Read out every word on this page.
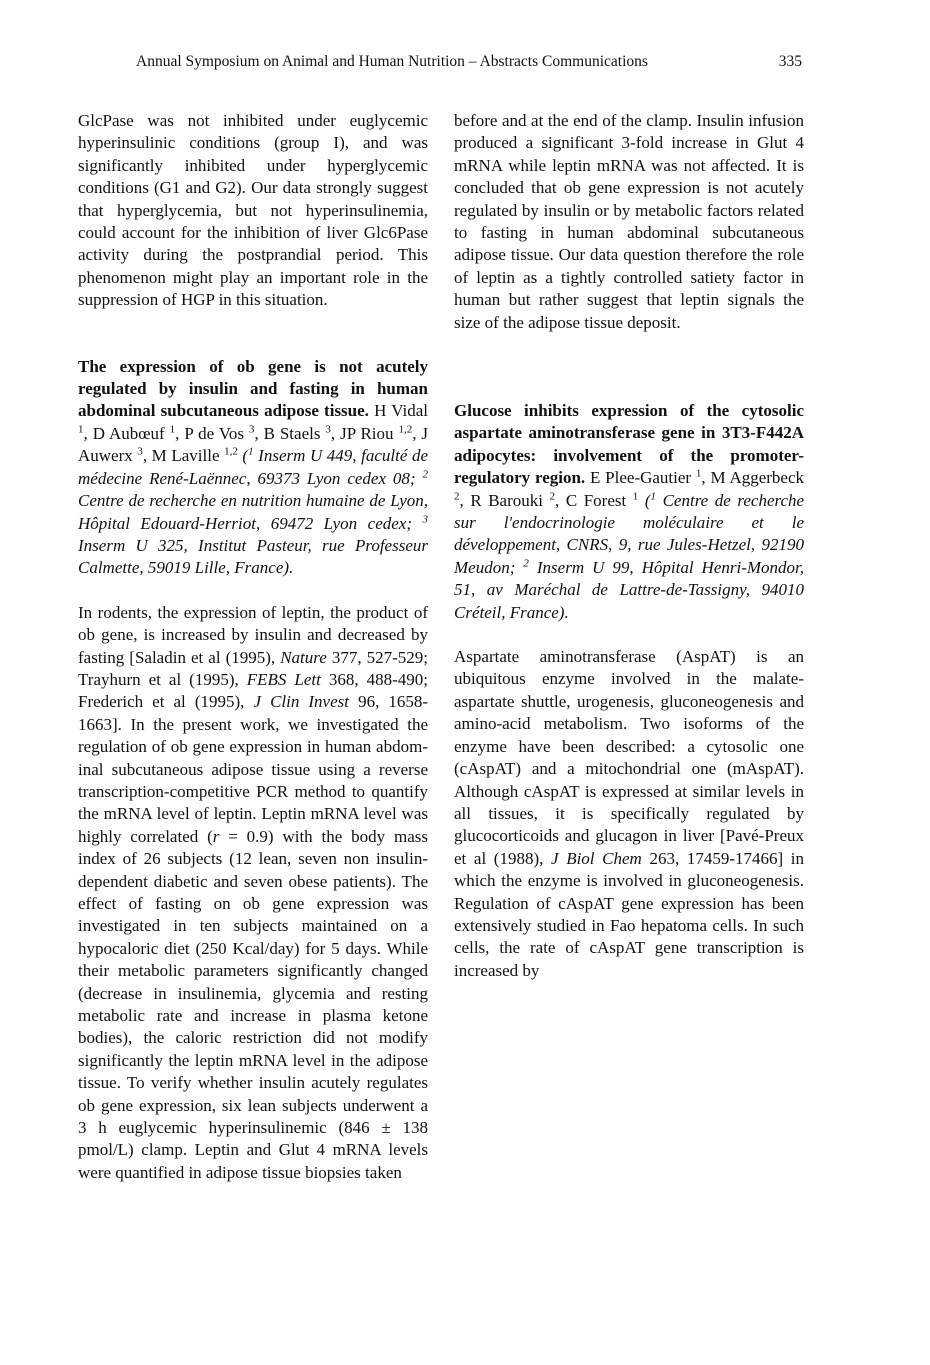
Annual Symposium on Animal and Human Nutrition – Abstracts Communications	335

GlcPase was not inhibited under euglycemic hyperinsulinic conditions (group I), and was significantly inhibited under hyperglycemic conditions (G1 and G2). Our data strongly suggest that hyperglycemia, but not hyperinsulinemia, could account for the inhibition of liver Glc6Pase activity during the postprandial period. This phenomenon might play an important role in the suppression of HGP in this situation.

The expression of ob gene is not acutely regulated by insulin and fasting in human abdominal subcutaneous adipose tissue. H Vidal $^1$, D Aubœuf $^1$, P de Vos $^3$, B Staels $^3$, JP Riou $^{1,2}$, J Auwerx $^3$, M Laville $^{1,2}$ ($^1$ Inserm U 449, faculté de médecine René-Laënnec, 69373 Lyon cedex 08; $^2$ Centre de recherche en nutrition humaine de Lyon, Hôpital Edouard-Herriot, 69472 Lyon cedex; $^3$ Inserm U 325, Institut Pasteur, rue Professeur Calmette, 59019 Lille, France).

In rodents, the expression of leptin, the product of ob gene, is increased by insulin and decreased by fasting [Saladin et al (1995), Nature 377, 527-529; Trayhurn et al (1995), FEBS Lett 368, 488-490; Frederich et al (1995), J Clin Invest 96, 1658-1663]. In the present work, we investigated the regulation of ob gene expression in human abdominal subcutaneous adipose tissue using a reverse transcription-competitive PCR method to quantify the mRNA level of leptin. Leptin mRNA level was highly correlated (r = 0.9) with the body mass index of 26 subjects (12 lean, seven non insulin-dependent diabetic and seven obese patients). The effect of fasting on ob gene expression was investigated in ten subjects maintained on a hypocaloric diet (250 Kcal/day) for 5 days. While their metabolic parameters significantly changed (decrease in insulinemia, glycemia and resting metabolic rate and increase in plasma ketone bodies), the caloric restriction did not modify significantly the leptin mRNA level in the adipose tissue. To verify whether insulin acutely regulates ob gene expression, six lean subjects underwent a 3 h euglycemic hyperinsulinemic (846 ± 138 pmol/L) clamp. Leptin and Glut 4 mRNA levels were quantified in adipose tissue biopsies taken

before and at the end of the clamp. Insulin infusion produced a significant 3-fold increase in Glut 4 mRNA while leptin mRNA was not affected. It is concluded that ob gene expression is not acutely regulated by insulin or by metabolic factors related to fasting in human abdominal subcutaneous adipose tissue. Our data question therefore the role of leptin as a tightly controlled satiety factor in human but rather suggest that leptin signals the size of the adipose tissue deposit.

Glucose inhibits expression of the cytosolic aspartate aminotransferase gene in 3T3-F442A adipocytes: involvement of the promoter-regulatory region. E Plee-Gautier $^1$, M Aggerbeck $^2$, R Barouki $^2$, C Forest $^1$ ($^1$ Centre de recherche sur l'endocrinologie moléculaire et le développement, CNRS, 9, rue Jules-Hetzel, 92190 Meudon; $^2$ Inserm U 99, Hôpital Henri-Mondor, 51, av Maréchal de Lattre-de-Tassigny, 94010 Créteil, France).

Aspartate aminotransferase (AspAT) is an ubiquitous enzyme involved in the malate-aspartate shuttle, urogenesis, gluconeogenesis and amino-acid metabolism. Two isoforms of the enzyme have been described: a cytosolic one (cAspAT) and a mitochondrial one (mAspAT). Although cAspAT is expressed at similar levels in all tissues, it is specifically regulated by glucocorticoids and glucagon in liver [Pavé-Preux et al (1988), J Biol Chem 263, 17459-17466] in which the enzyme is involved in gluconeogenesis. Regulation of cAspAT gene expression has been extensively studied in Fao hepatoma cells. In such cells, the rate of cAspAT gene transcription is increased by
